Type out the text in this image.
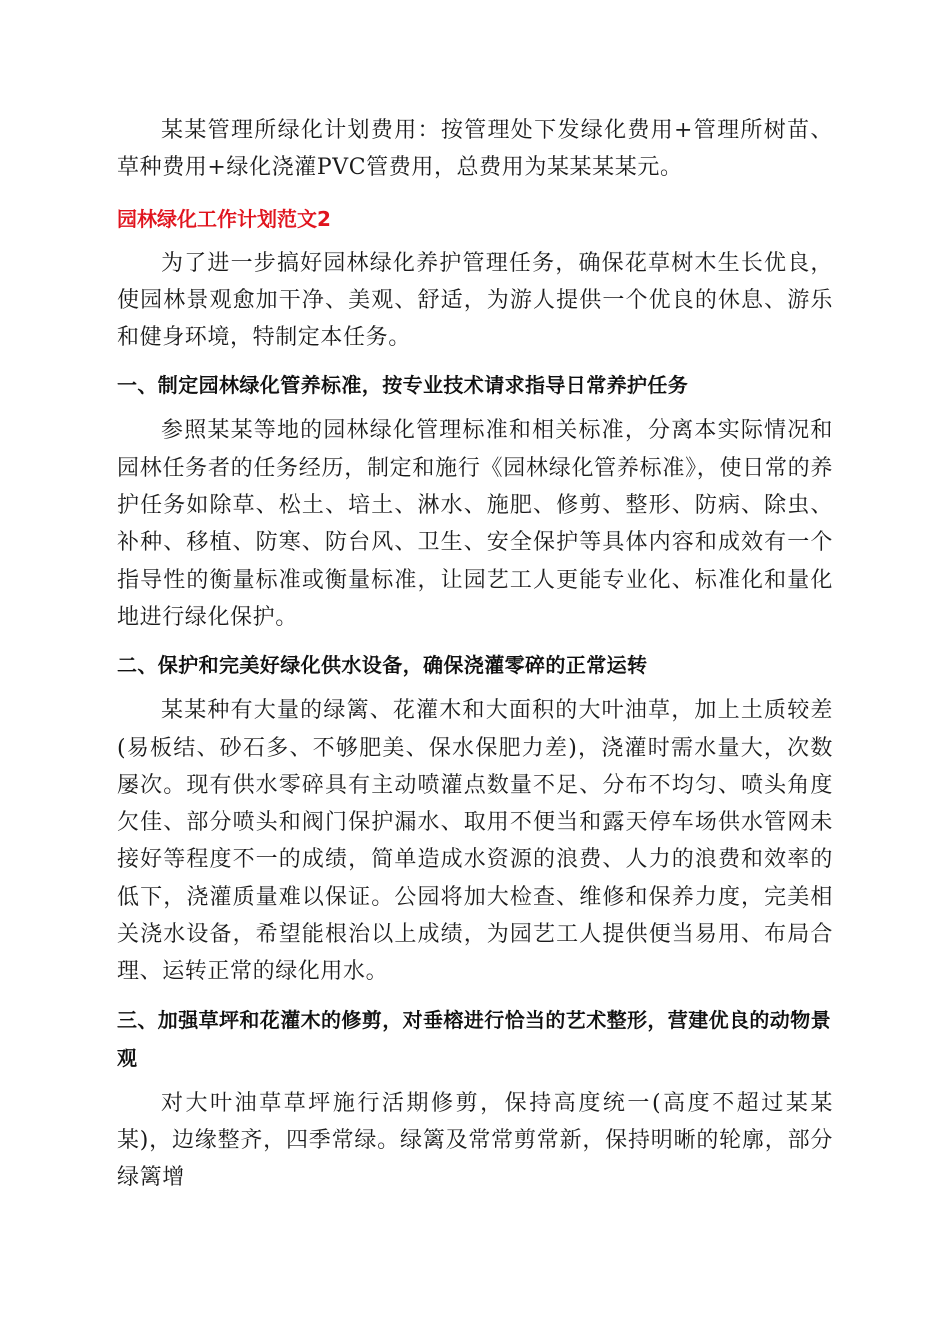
某某管理所绿化计划费用：按管理处下发绿化费用+管理所树苗、草种费用+绿化浇灌PVC管费用，总费用为某某某某元。

园林绿化工作计划范文2

为了进一步搞好园林绿化养护管理任务，确保花草树木生长优良，使园林景观愈加干净、美观、舒适，为游人提供一个优良的休息、游乐和健身环境，特制定本任务。

一、制定园林绿化管养标准，按专业技术请求指导日常养护任务

参照某某等地的园林绿化管理标准和相关标准，分离本实际情况和园林任务者的任务经历，制定和施行《园林绿化管养标准》，使日常的养护任务如除草、松土、培土、淋水、施肥、修剪、整形、防病、除虫、补种、移植、防寒、防台风、卫生、安全保护等具体内容和成效有一个指导性的衡量标准或衡量标准，让园艺工人更能专业化、标准化和量化地进行绿化保护。

二、保护和完美好绿化供水设备，确保浇灌零碎的正常运转

某某种有大量的绿篱、花灌木和大面积的大叶油草，加上土质较差(易板结、砂石多、不够肥美、保水保肥力差)，浇灌时需水量大，次数屡次。现有供水零碎具有主动喷灌点数量不足、分布不均匀、喷头角度欠佳、部分喷头和阀门保护漏水、取用不便当和露天停车场供水管网未接好等程度不一的成绩，简单造成水资源的浪费、人力的浪费和效率的低下，浇灌质量难以保证。公园将加大检查、维修和保养力度，完美相关浇水设备，希望能根治以上成绩，为园艺工人提供便当易用、布局合理、运转正常的绿化用水。

三、加强草坪和花灌木的修剪，对垂榕进行恰当的艺术整形，营建优良的动物景观

对大叶油草草坪施行活期修剪，保持高度统一(高度不超过某某某)，边缘整齐，四季常绿。绿篱及常常剪常新，保持明晰的轮廓，部分绿篱增
